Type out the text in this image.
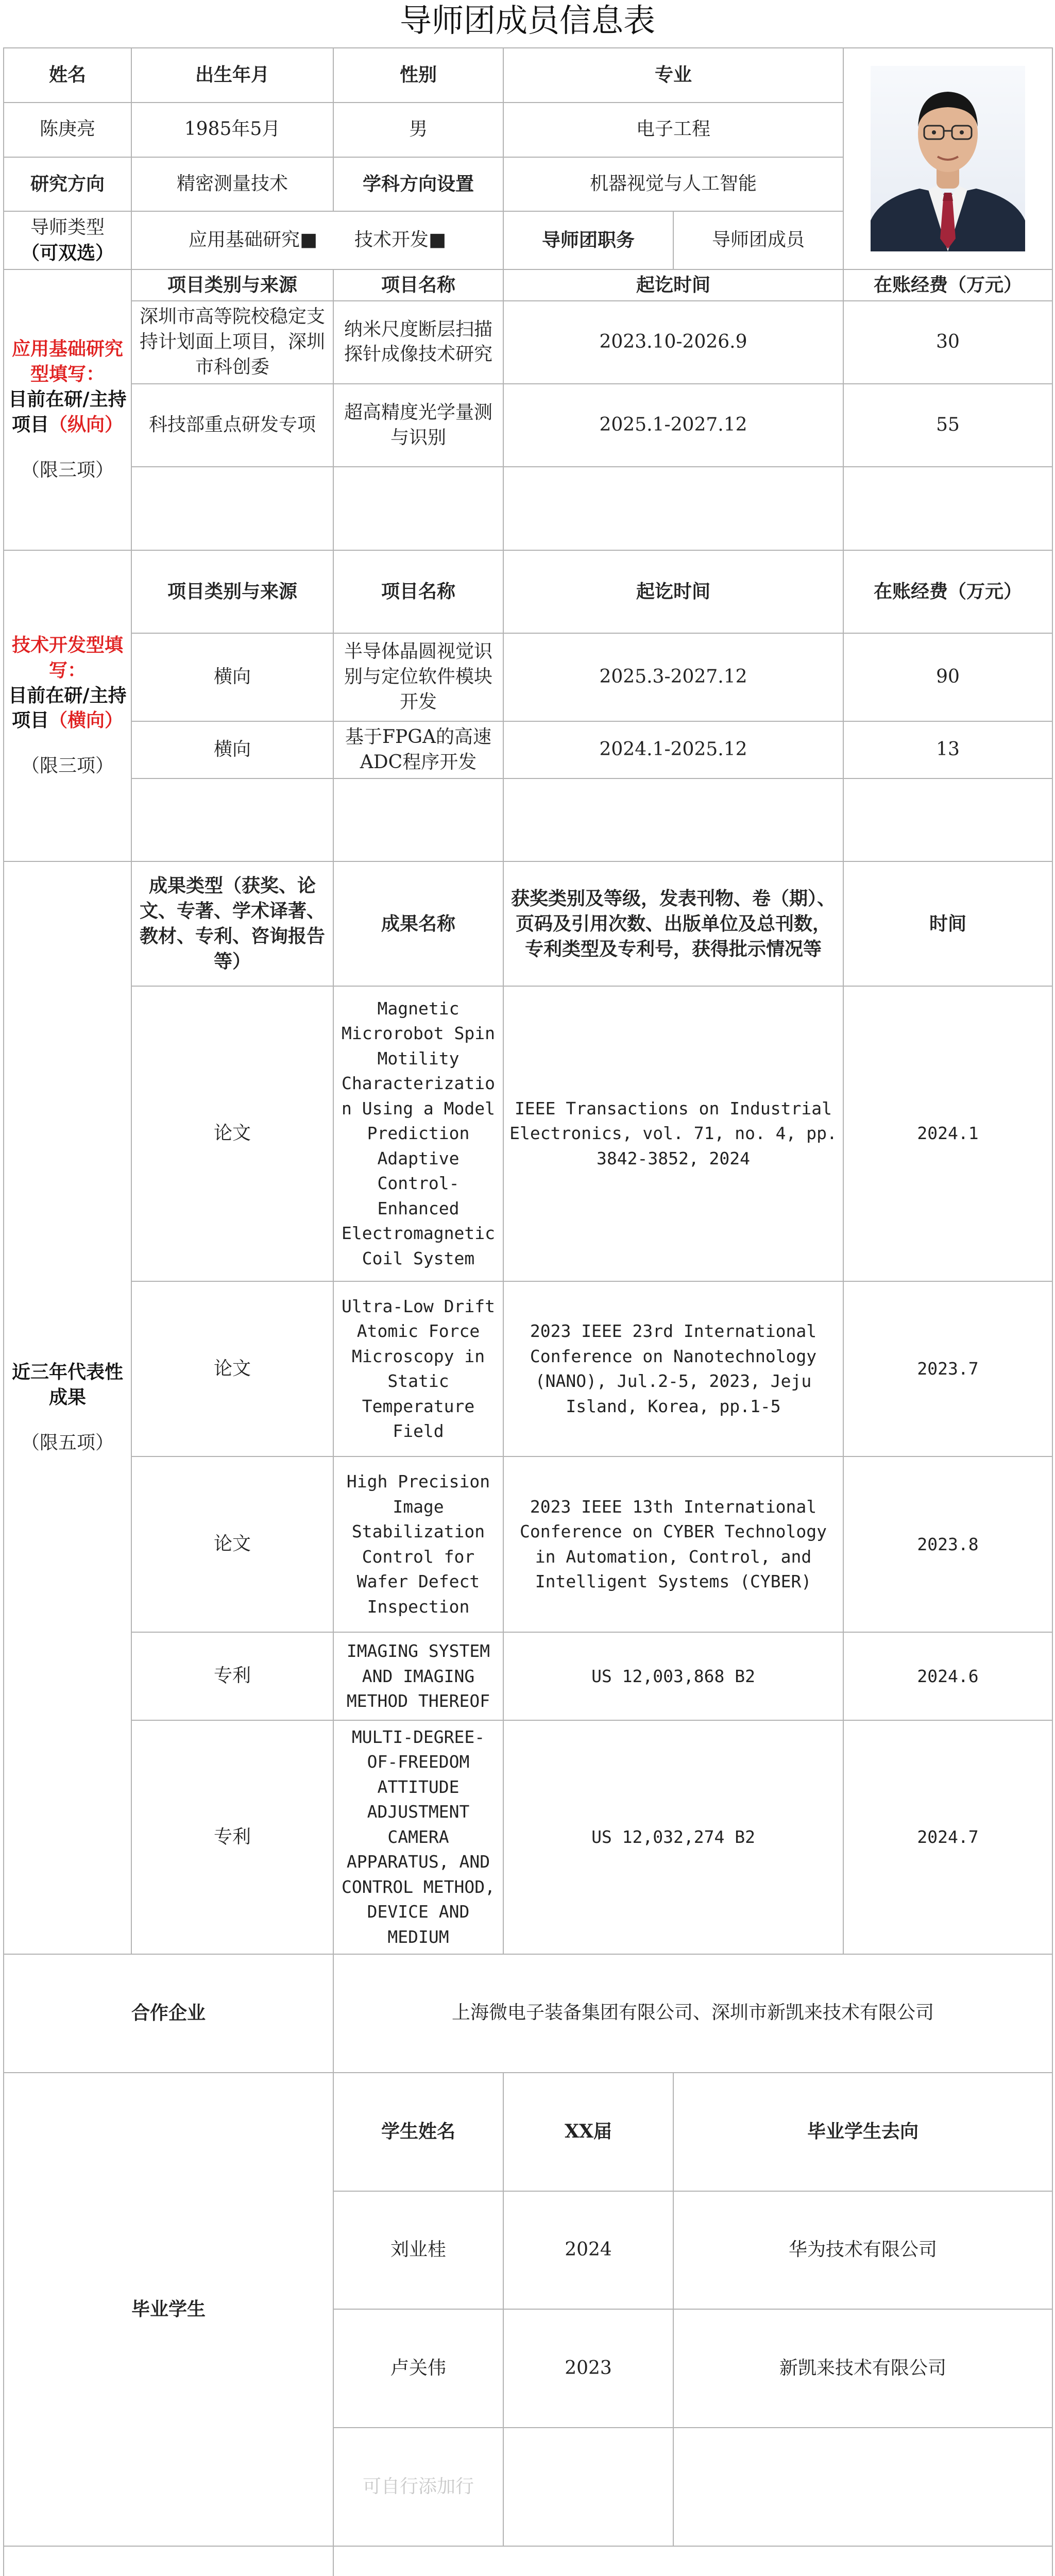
导师团成员信息表
姓名	出生年月	性别	专业	

陈庚亮	1985年5月	男	电子工程		
研究方向	精密测量技术	学科方向设置	机器视觉与人工智能		

导师类型
（可双选）	应用基础研究■　　技术开发■		导师团职务	导师团成员	

应用基础研究型填写：
目前在研/主持项目（纵向）
（限三项）	项目类别与来源	项目名称	起讫时间		在账经费（万元）
	深圳市高等院校稳定支持计划面上项目，深圳市科创委	纳米尺度断层扫描探针成像技术研究	2023.10-2026.9		30
	科技部重点研发专项	超高精度光学量测与识别	2025.1-2027.12		55

技术开发型填写：
目前在研/主持项目（横向）
（限三项）	项目类别与来源	项目名称	起讫时间		在账经费（万元）
	横向	半导体晶圆视觉识别与定位软件模块开发	2025.3-2027.12		90
	横向	基于FPGA的高速ADC程序开发	2024.1-2025.12		13

近三年代表性成果
（限五项）	成果类型（获奖、论文、专著、学术译著、教材、专利、咨询报告等）	成果名称	获奖类别及等级，发表刊物、卷（期）、页码及引用次数、出版单位及总刊数，专利类型及专利号，获得批示情况等		时间
	论文	Magnetic Microrobot Spin Motility Characterization Using a Model Prediction Adaptive Control-Enhanced Electromagnetic Coil System	IEEE Transactions on Industrial Electronics, vol. 71, no. 4, pp. 3842-3852, 2024		2024.1
	论文	Ultra-Low Drift Atomic Force Microscopy in Static Temperature Field	2023 IEEE 23rd International Conference on Nanotechnology (NANO), Jul.2-5, 2023, Jeju Island, Korea, pp.1-5		2023.7
	论文	High Precision Image Stabilization Control for Wafer Defect Inspection	2023 IEEE 13th International Conference on CYBER Technology in Automation, Control, and Intelligent Systems (CYBER)		2023.8
	专利	IMAGING SYSTEM AND IMAGING METHOD THEREOF	US 12,003,868 B2		2024.6
	专利	MULTI-DEGREE-OF-FREEDOM ATTITUDE ADJUSTMENT CAMERA APPARATUS, AND CONTROL METHOD, DEVICE AND MEDIUM	US 12,032,274 B2		2024.7
合作企业		上海微电子装备集团有限公司、深圳市新凯来技术有限公司			
毕业学生		学生姓名	XX届	毕业学生去向	
		刘业桂	2024	华为技术有限公司	
		卢关伟	2023	新凯来技术有限公司	
		可自行添加行			
